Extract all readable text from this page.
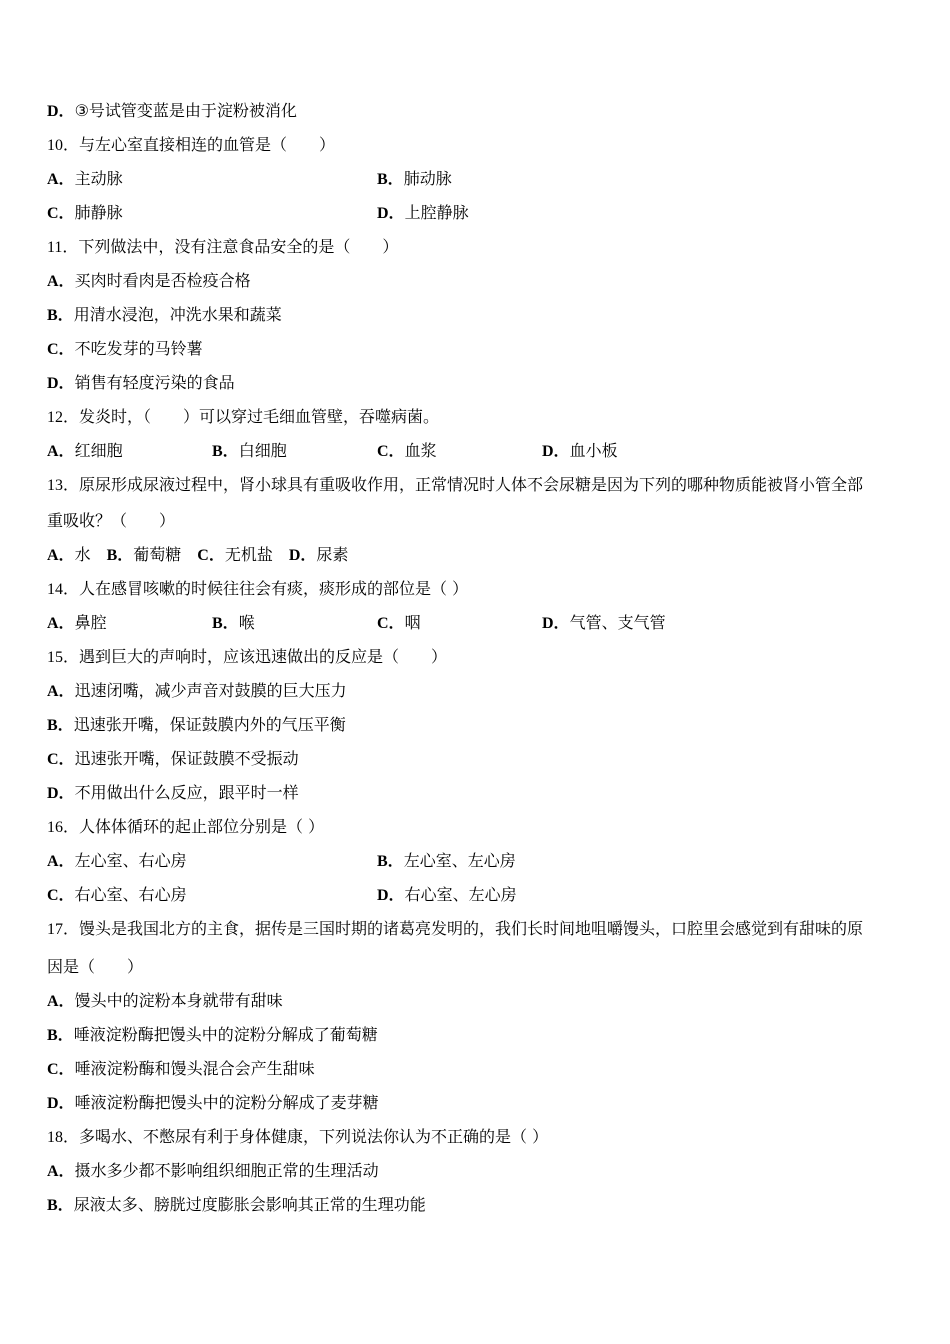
D．③号试管变蓝是由于淀粉被消化
10．与左心室直接相连的血管是（　　）
A．主动脉	B．肺动脉
C．肺静脉	D．上腔静脉
11．下列做法中，没有注意食品安全的是（　　）
A．买肉时看肉是否检疫合格
B．用清水浸泡，冲洗水果和蔬菜
C．不吃发芽的马铃薯
D．销售有轻度污染的食品
12．发炎时，（　　）可以穿过毛细血管壁，吞噬病菌。
A．红细胞	B．白细胞	C．血浆	D．血小板
13．原尿形成尿液过程中，肾小球具有重吸收作用，正常情况时人体不会尿糖是因为下列的哪种物质能被肾小管全部
重吸收？（　　）
A．水  B．葡萄糖  C．无机盐  D．尿素
14．人在感冒咳嗽的时候往往会有痰，痰形成的部位是（ ）
A．鼻腔	B．喉	C．咽	D．气管、支气管
15．遇到巨大的声响时，应该迅速做出的反应是（　　）
A．迅速闭嘴，减少声音对鼓膜的巨大压力
B．迅速张开嘴，保证鼓膜内外的气压平衡
C．迅速张开嘴，保证鼓膜不受振动
D．不用做出什么反应，跟平时一样
16．人体体循环的起止部位分别是（ ）
A．左心室、右心房	B．左心室、左心房
C．右心室、右心房	D．右心室、左心房
17．馒头是我国北方的主食，据传是三国时期的诸葛亮发明的，我们长时间地咀嚼馒头，口腔里会感觉到有甜味的原
因是（　　）
A．馒头中的淀粉本身就带有甜味
B．唾液淀粉酶把馒头中的淀粉分解成了葡萄糖
C．唾液淀粉酶和馒头混合会产生甜味
D．唾液淀粉酶把馒头中的淀粉分解成了麦芽糖
18．多喝水、不憋尿有利于身体健康，下列说法你认为不正确的是（ ）
A．摄水多少都不影响组织细胞正常的生理活动
B．尿液太多、膀胱过度膨胀会影响其正常的生理功能
